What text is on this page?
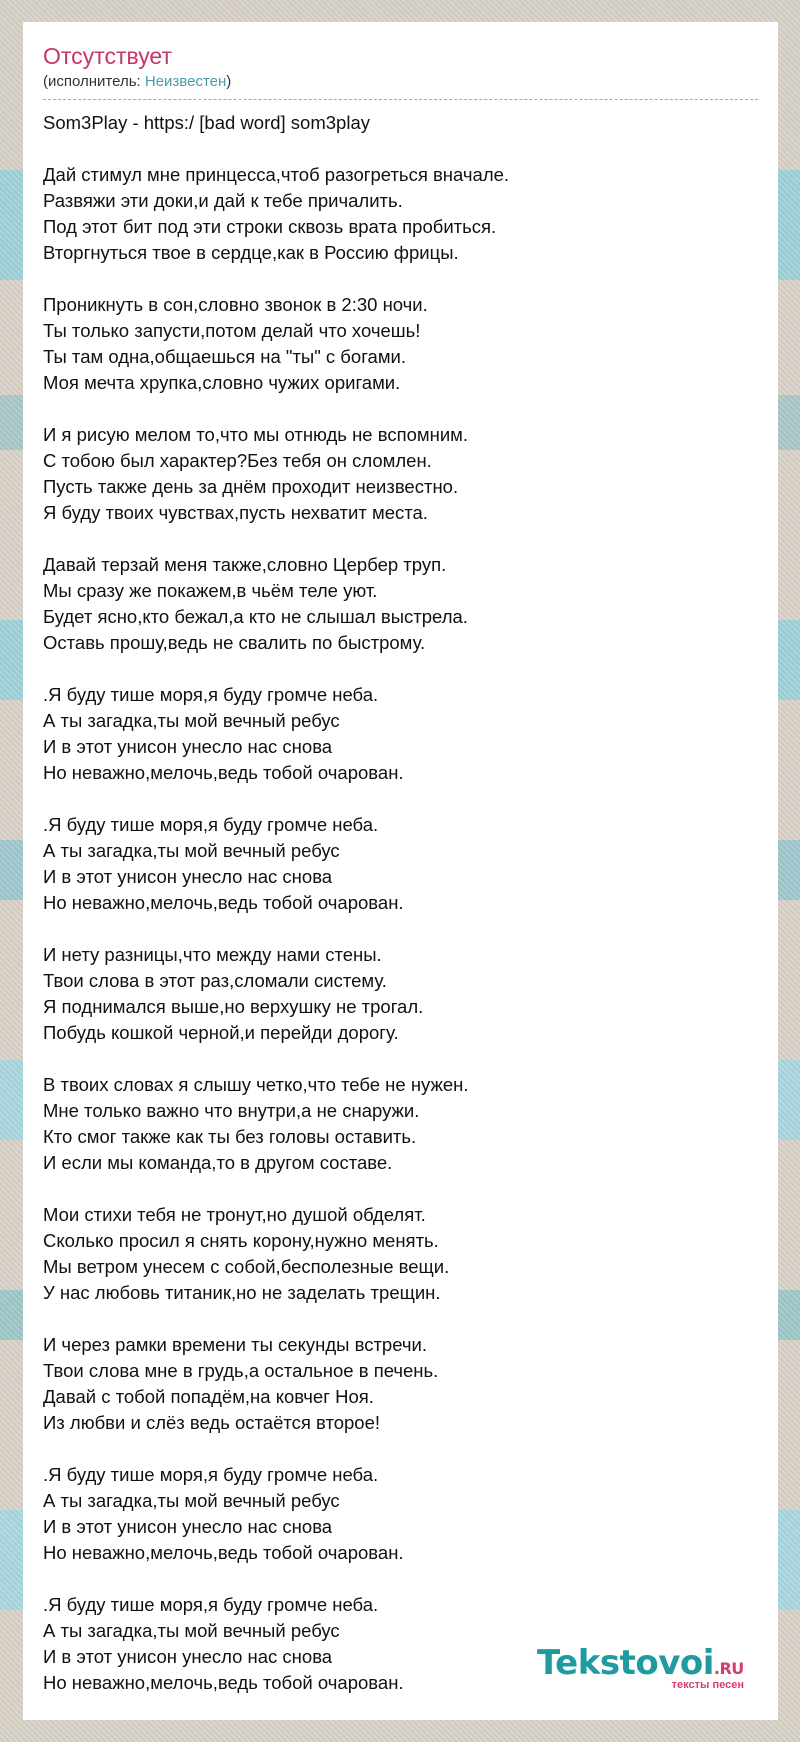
Отсутствует
(исполнитель: Неизвестен)
Som3Play - https:/ [bad word] som3play
Дай стимул мне принцесса,чтоб разогреться вначале.
Развяжи эти доки,и дай к тебе причалить.
Под этот бит под эти строки сквозь врата пробиться.
Вторгнуться твое в сердце,как в Россию фрицы.
Проникнуть в сон,словно звонок в 2:30 ночи.
Ты только запусти,потом делай что хочешь!
Ты там одна,общаешься на "ты" с богами.
Моя мечта хрупка,словно чужих оригами.
И я рисую мелом то,что мы отнюдь не вспомним.
С тобою был характер?Без тебя он сломлен.
Пусть также день за днём проходит неизвестно.
Я буду твоих чувствах,пусть нехватит места.
Давай терзай меня также,словно Цербер труп.
Мы сразу же покажем,в чьём теле уют.
Будет ясно,кто бежал,а кто не слышал выстрела.
Оставь прошу,ведь не свалить по быстрому.
.Я буду тише моря,я буду громче неба.
А ты загадка,ты мой вечный ребус
И в этот унисон унесло нас снова
Но неважно,мелочь,ведь тобой очарован.
.Я буду тише моря,я буду громче неба.
А ты загадка,ты мой вечный ребус
И в этот унисон унесло нас снова
Но неважно,мелочь,ведь тобой очарован.
И нету разницы,что между нами стены.
Твои слова в этот раз,сломали систему.
Я поднимался выше,но верхушку не трогал.
Побудь кошкой черной,и перейди дорогу.
В твоих словах я слышу четко,что тебе не нужен.
Мне только важно что внутри,а не снаружи.
Кто смог также как ты без головы оставить.
И если мы команда,то в другом составе.
Мои стихи тебя не тронут,но душой обделят.
Сколько просил я снять корону,нужно менять.
Мы ветром унесем с собой,бесполезные вещи.
У нас любовь титаник,но не заделать трещин.
И через рамки времени ты секунды встречи.
Твои слова мне в грудь,а остальное в печень.
Давай с тобой попадём,на ковчег Ноя.
Из любви и слёз ведь остаётся второе!
.Я буду тише моря,я буду громче неба.
А ты загадка,ты мой вечный ребус
И в этот унисон унесло нас снова
Но неважно,мелочь,ведь тобой очарован.
.Я буду тише моря,я буду громче неба.
А ты загадка,ты мой вечный ребус
И в этот унисон унесло нас снова
Но неважно,мелочь,ведь тобой очарован.	Tekstovoi.RU
тексты песен
